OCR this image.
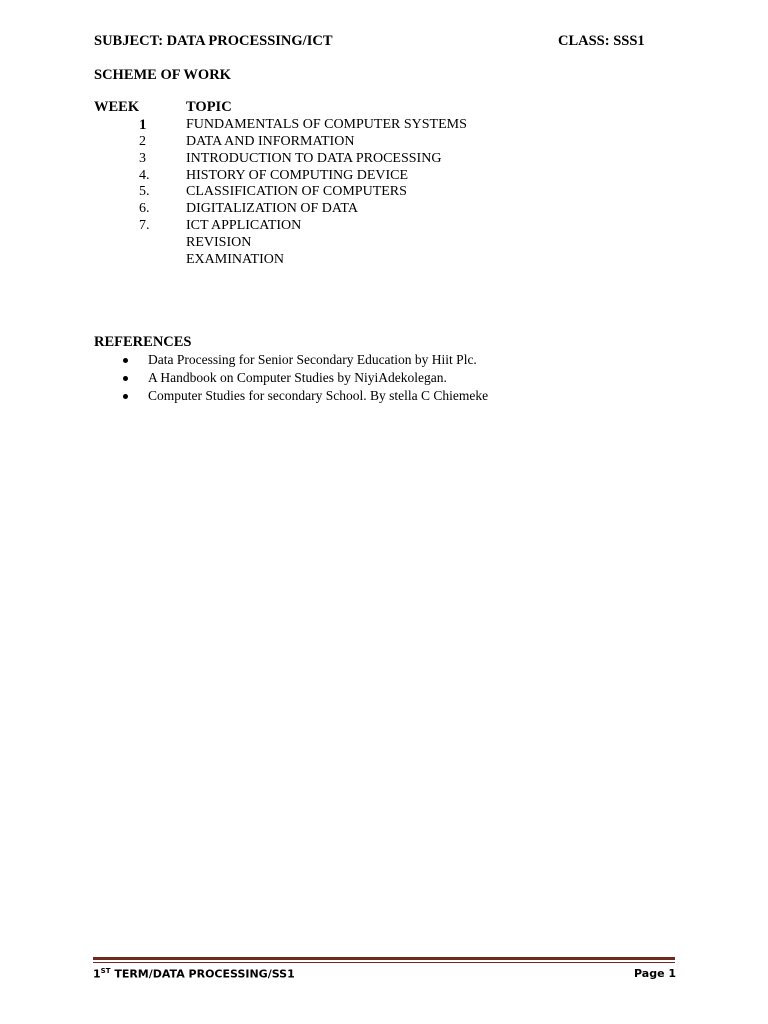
SUBJECT: DATA PROCESSING/ICT	CLASS: SSS1
SCHEME OF WORK
WEEK	TOPIC
1	FUNDAMENTALS OF COMPUTER SYSTEMS
2	DATA AND INFORMATION
3	INTRODUCTION TO DATA PROCESSING
4.	HISTORY OF COMPUTING DEVICE
5.	CLASSIFICATION OF COMPUTERS
6.	DIGITALIZATION OF DATA
7.	ICT APPLICATION
REVISION
EXAMINATION
REFERENCES
Data Processing for Senior Secondary Education by Hiit Plc.
A Handbook on Computer Studies by NiyiAdekolegan.
Computer Studies for secondary School. By stella C Chiemeke
1ST TERM/DATA PROCESSING/SS1	Page 1
